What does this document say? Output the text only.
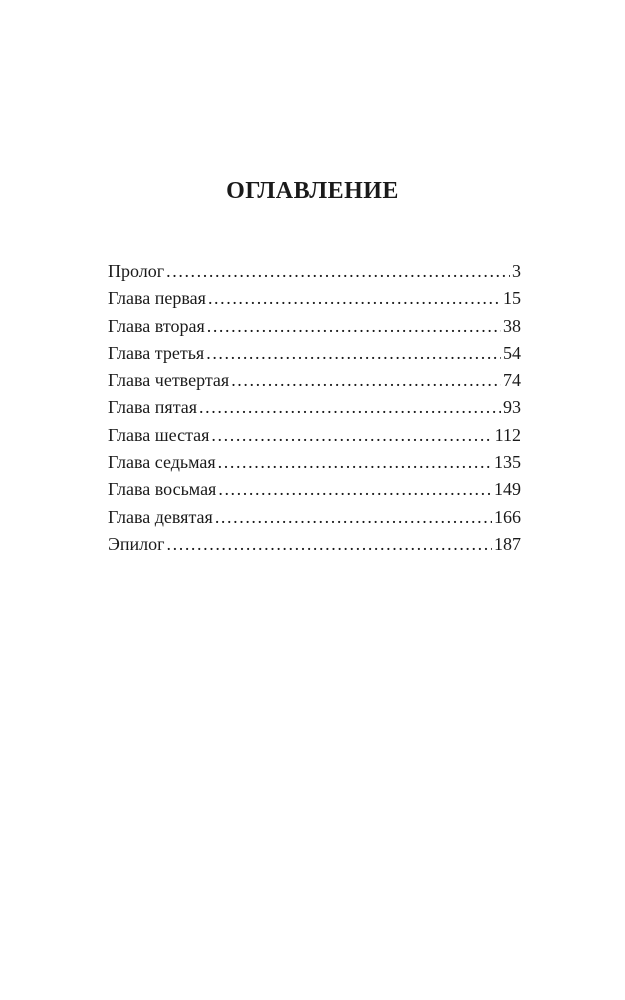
ОГЛАВЛЕНИЕ
Пролог .....	3
Глава первая .....	15
Глава вторая .....	38
Глава третья .....	54
Глава четвертая .....	74
Глава пятая .....	93
Глава шестая .....	112
Глава седьмая .....	135
Глава восьмая .....	149
Глава девятая .....	166
Эпилог .....	187
